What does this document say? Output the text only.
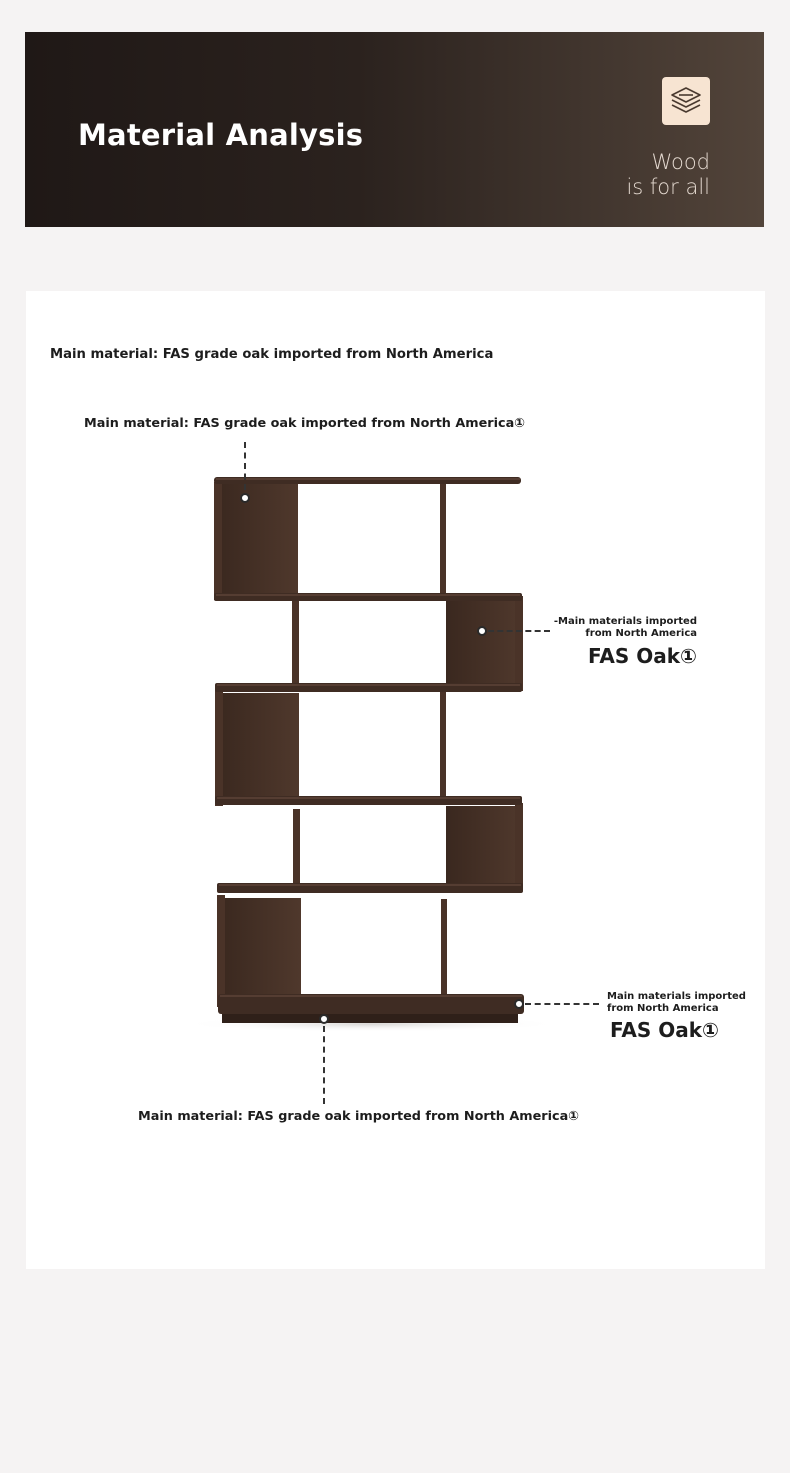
Material Analysis
Wood
is for all
Main material: FAS grade oak imported from North America
Main material: FAS grade oak imported from North America①
-Main materials imported
from North America
FAS Oak①
Main materials imported
from North America
FAS Oak①
Main material: FAS grade oak imported from North America①
